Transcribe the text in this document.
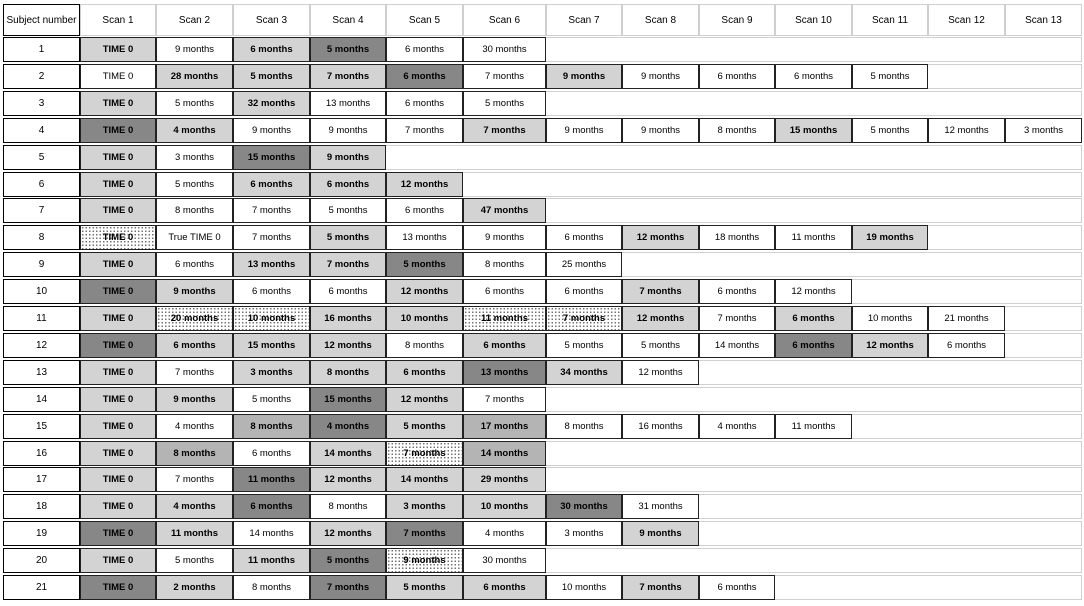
Subject number	Scan 1	Scan 2	Scan 3	Scan 4	Scan 5	Scan 6	Scan 7	Scan 8	Scan 9	Scan 10	Scan 11	Scan 12	Scan 13
1	TIME 0	9 months	6 months	5 months	6 months	30 months
2	TIME 0	28 months	5 months	7 months	6 months	7 months	9 months	9 months	6 months	6 months	5 months
3	TIME 0	5 months	32 months	13 months	6 months	5 months
4	TIME 0	4 months	9 months	9 months	7 months	7 months	9 months	9 months	8 months	15 months	5 months	12 months	3 months
5	TIME 0	3 months	15 months	9 months
6	TIME 0	5 months	6 months	6 months	12 months
7	TIME 0	8 months	7 months	5 months	6 months	47 months
8	TIME 0	True TIME 0	7 months	5 months	13 months	9 months	6 months	12 months	18 months	11 months	19 months
9	TIME 0	6 months	13 months	7 months	5 months	8 months	25 months
10	TIME 0	9 months	6 months	6 months	12 months	6 months	6 months	7 months	6 months	12 months
11	TIME 0	20 months	10 months	16 months	10 months	11 months	7 months	12 months	7 months	6 months	10 months	21 months
12	TIME 0	6 months	15 months	12 months	8 months	6 months	5 months	5 months	14 months	6 months	12 months	6 months
13	TIME 0	7 months	3 months	8 months	6 months	13 months	34 months	12 months
14	TIME 0	9 months	5 months	15 months	12 months	7 months
15	TIME 0	4 months	8 months	4 months	5 months	17 months	8 months	16 months	4 months	11 months
16	TIME 0	8 months	6 months	14 months	7 months	14 months
17	TIME 0	7 months	11 months	12 months	14 months	29 months
18	TIME 0	4 months	6 months	8 months	3 months	10 months	30 months	31 months
19	TIME 0	11 months	14 months	12 months	7 months	4 months	3 months	9 months
20	TIME 0	5 months	11 months	5 months	9 months	30 months
21	TIME 0	2 months	8 months	7 months	5 months	6 months	10 months	7 months	6 months
